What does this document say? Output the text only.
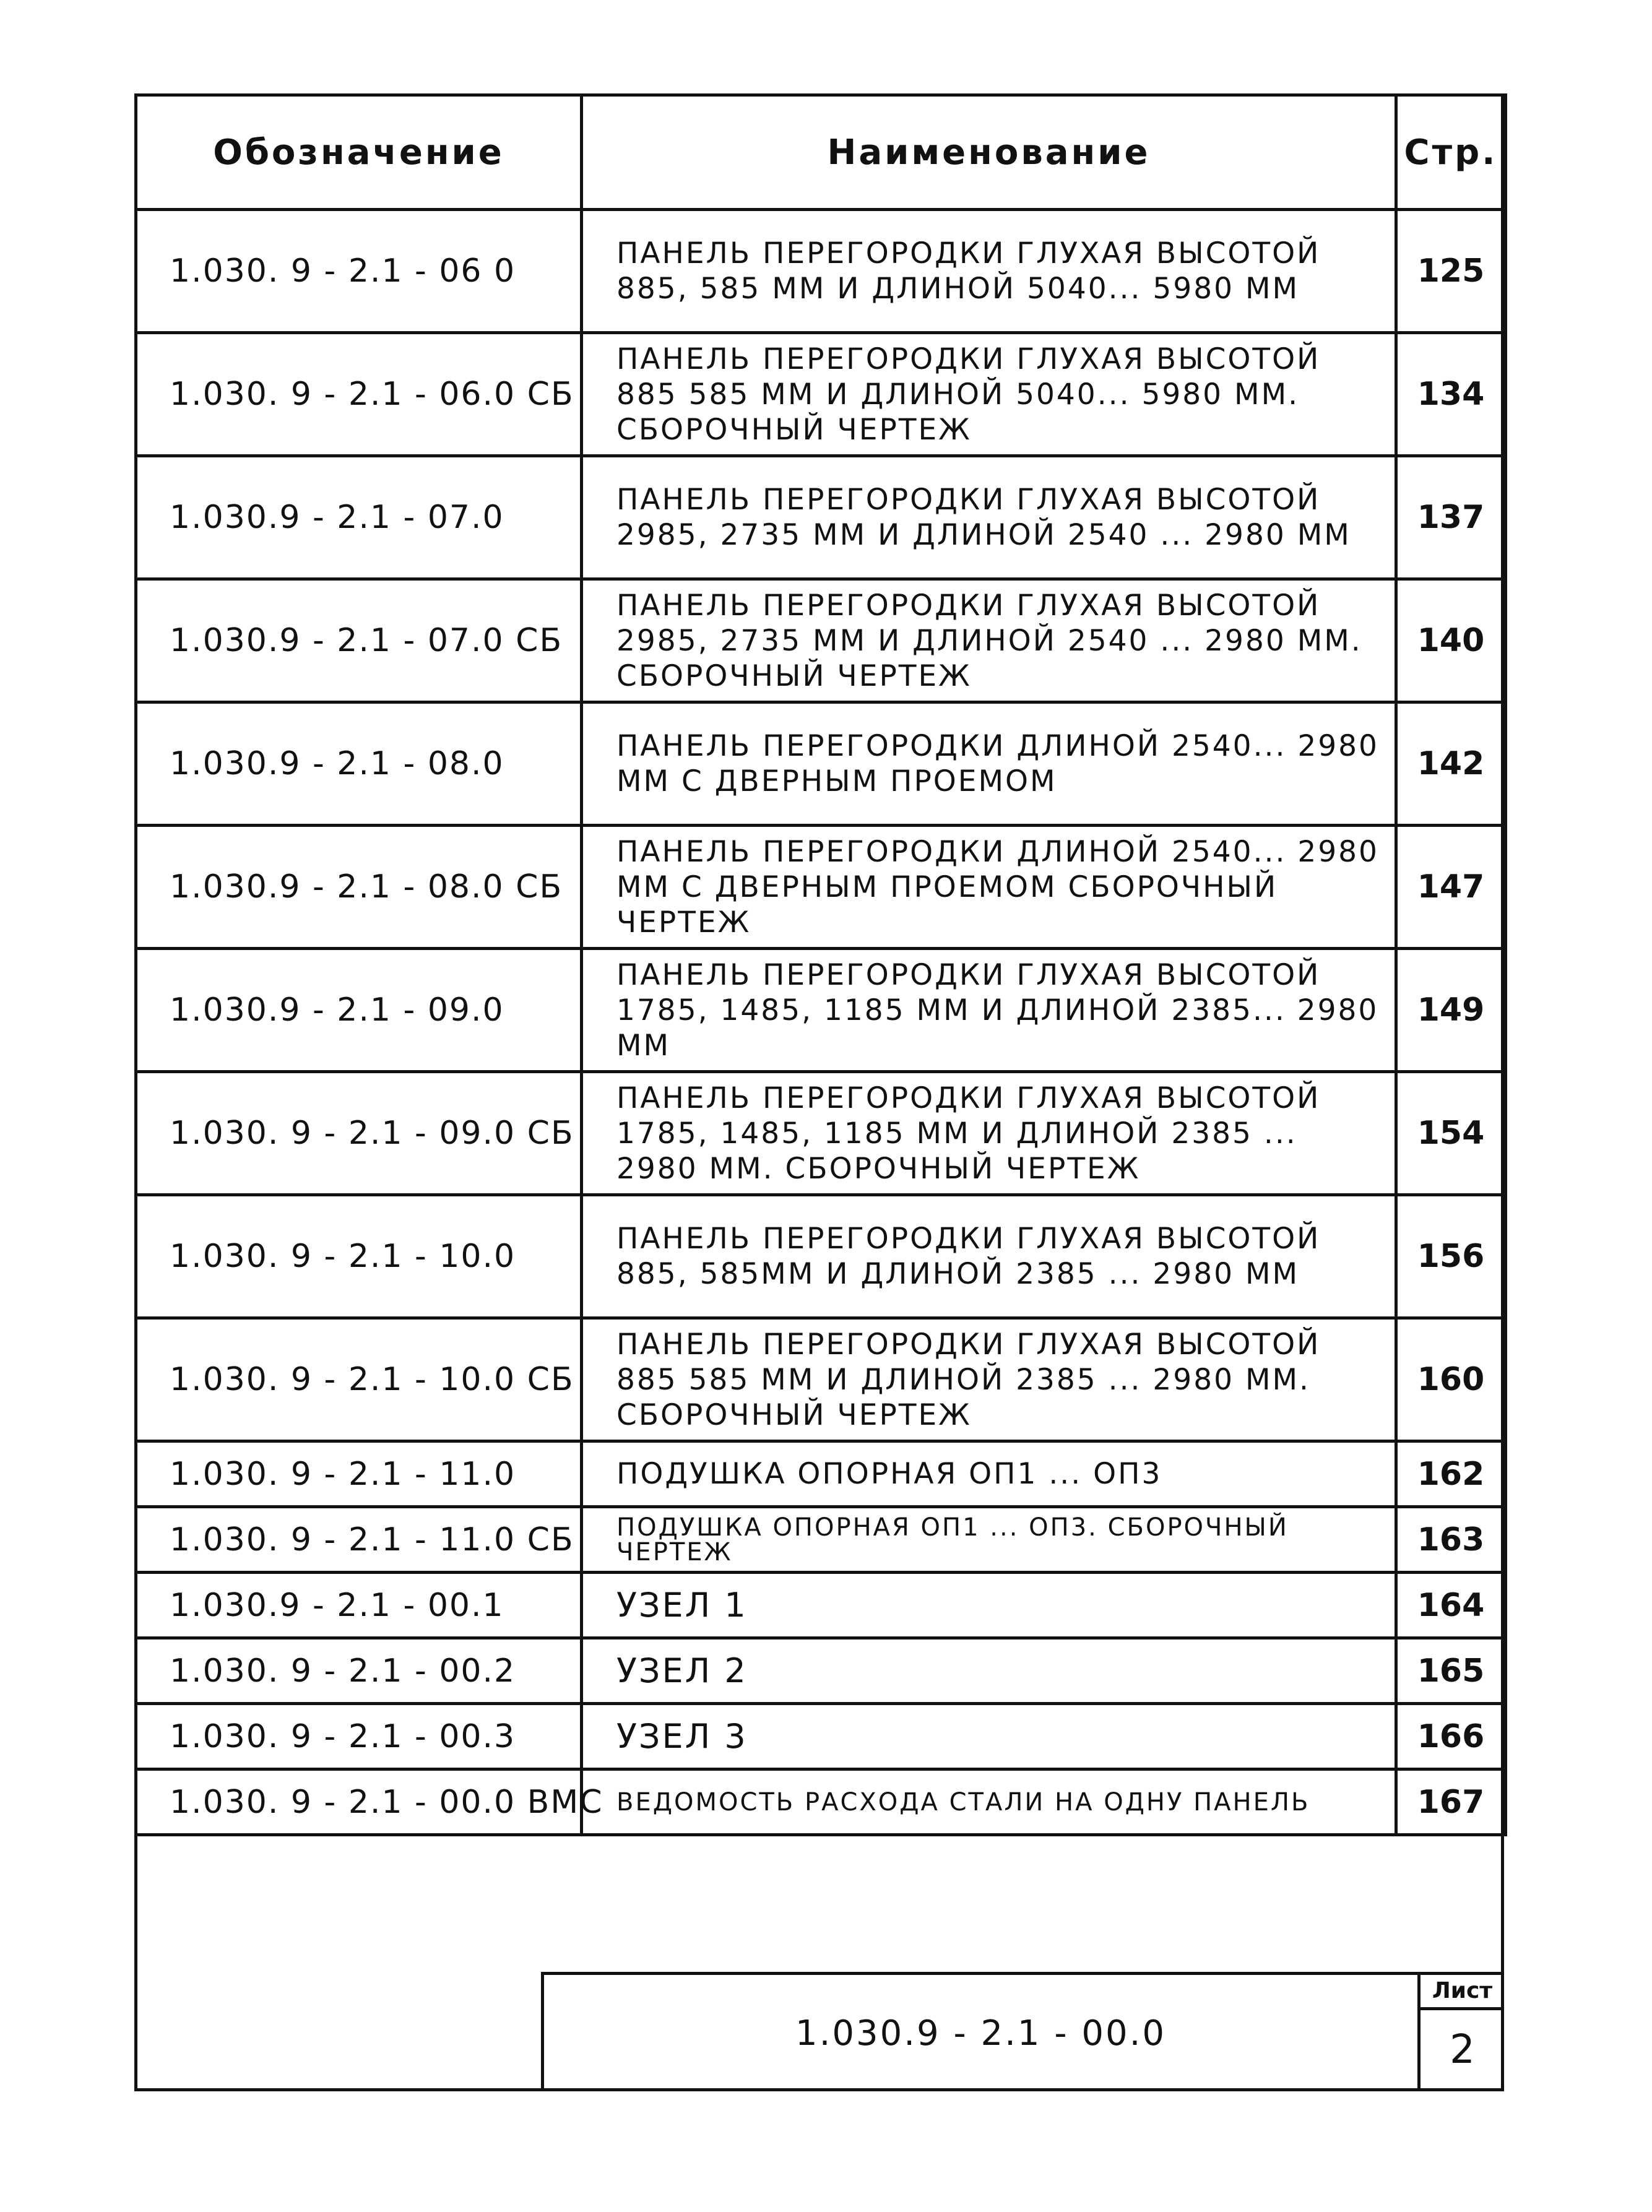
Обозначение	Наименование	Стр.
1.030. 9 - 2.1 - 06 0	ПАНЕЛЬ ПЕРЕГОРОДКИ ГЛУХАЯ ВЫСОТОЙ 885, 585 ММ И ДЛИНОЙ 5040... 5980 ММ	125
1.030. 9 - 2.1 - 06.0 СБ	ПАНЕЛЬ ПЕРЕГОРОДКИ ГЛУХАЯ ВЫСОТОЙ 885 585 ММ И ДЛИНОЙ 5040... 5980 ММ. СБОРОЧНЫЙ ЧЕРТЕЖ	134
1.030.9 - 2.1 - 07.0	ПАНЕЛЬ ПЕРЕГОРОДКИ ГЛУХАЯ ВЫСОТОЙ 2985, 2735 ММ И ДЛИНОЙ 2540 ... 2980 ММ	137
1.030.9 - 2.1 - 07.0 СБ	ПАНЕЛЬ ПЕРЕГОРОДКИ ГЛУХАЯ ВЫСОТОЙ 2985, 2735 ММ И ДЛИНОЙ 2540 ... 2980 ММ. СБОРОЧНЫЙ ЧЕРТЕЖ	140
1.030.9 - 2.1 - 08.0	ПАНЕЛЬ ПЕРЕГОРОДКИ ДЛИНОЙ 2540... 2980 ММ С ДВЕРНЫМ ПРОЕМОМ	142
1.030.9 - 2.1 - 08.0 СБ	ПАНЕЛЬ ПЕРЕГОРОДКИ ДЛИНОЙ 2540... 2980 ММ С ДВЕРНЫМ ПРОЕМОМ СБОРОЧНЫЙ ЧЕРТЕЖ	147
1.030.9 - 2.1 - 09.0	ПАНЕЛЬ ПЕРЕГОРОДКИ ГЛУХАЯ ВЫСОТОЙ 1785, 1485, 1185 ММ И ДЛИНОЙ 2385... 2980 ММ	149
1.030. 9 - 2.1 - 09.0 СБ	ПАНЕЛЬ ПЕРЕГОРОДКИ ГЛУХАЯ ВЫСОТОЙ 1785, 1485, 1185 ММ И ДЛИНОЙ 2385 ... 2980 ММ. СБОРОЧНЫЙ ЧЕРТЕЖ	154
1.030. 9 - 2.1 - 10.0	ПАНЕЛЬ ПЕРЕГОРОДКИ ГЛУХАЯ ВЫСОТОЙ 885, 585ММ И ДЛИНОЙ 2385 ... 2980 ММ	156
1.030. 9 - 2.1 - 10.0 СБ	ПАНЕЛЬ ПЕРЕГОРОДКИ ГЛУХАЯ ВЫСОТОЙ 885 585 ММ И ДЛИНОЙ 2385 ... 2980 ММ. СБОРОЧНЫЙ ЧЕРТЕЖ	160
1.030. 9 - 2.1 - 11.0	ПОДУШКА ОПОРНАЯ ОП1 ... ОП3	162
1.030. 9 - 2.1 - 11.0 СБ	ПОДУШКА ОПОРНАЯ ОП1 ... ОП3. СБОРОЧНЫЙ ЧЕРТЕЖ	163
1.030.9 - 2.1 - 00.1	УЗЕЛ 1	164
1.030. 9 - 2.1 - 00.2	УЗЕЛ 2	165
1.030. 9 - 2.1 - 00.3	УЗЕЛ 3	166
1.030. 9 - 2.1 - 00.0 ВМС	ВЕДОМОСТЬ РАСХОДА СТАЛИ НА ОДНУ ПАНЕЛЬ	167
1.030.9 - 2.1 - 00.0
Лист
2
